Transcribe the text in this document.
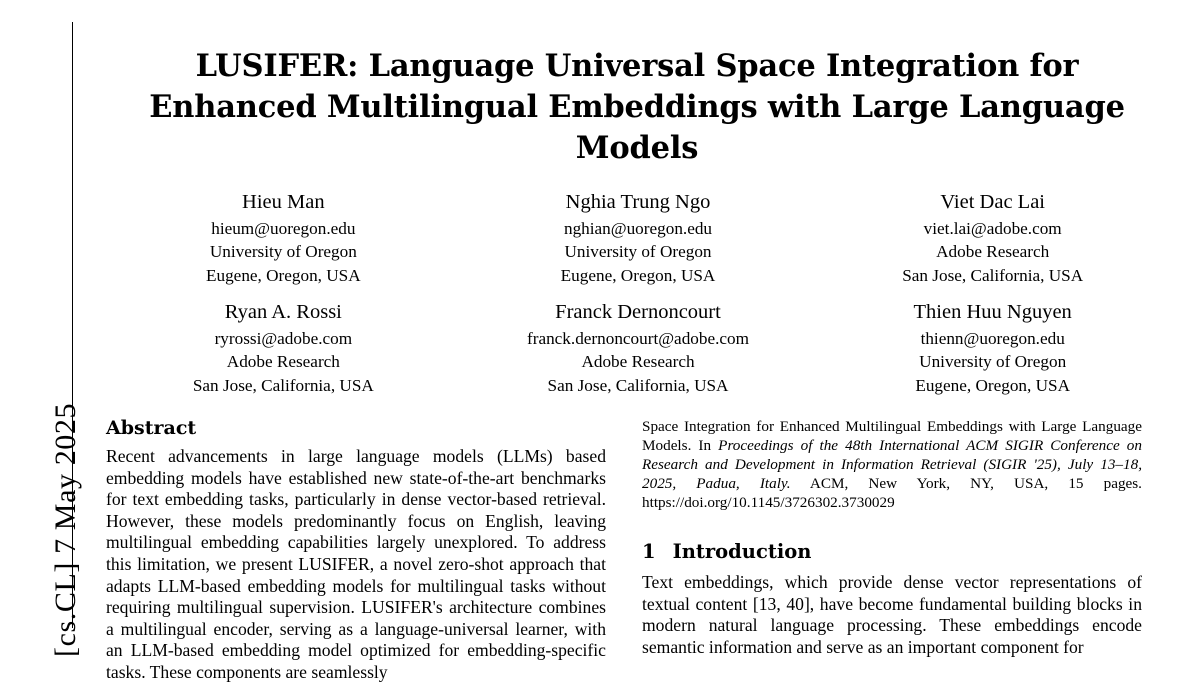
[cs.CL] 7 May 2025
LUSIFER: Language Universal Space Integration for Enhanced Multilingual Embeddings with Large Language Models
Hieu Man
hieum@uoregon.edu
University of Oregon
Eugene, Oregon, USA
Nghia Trung Ngo
nghian@uoregon.edu
University of Oregon
Eugene, Oregon, USA
Viet Dac Lai
viet.lai@adobe.com
Adobe Research
San Jose, California, USA
Ryan A. Rossi
ryrossi@adobe.com
Adobe Research
San Jose, California, USA
Franck Dernoncourt
franck.dernoncourt@adobe.com
Adobe Research
San Jose, California, USA
Thien Huu Nguyen
thienn@uoregon.edu
University of Oregon
Eugene, Oregon, USA
Abstract
Recent advancements in large language models (LLMs) based embedding models have established new state-of-the-art benchmarks for text embedding tasks, particularly in dense vector-based retrieval. However, these models predominantly focus on English, leaving multilingual embedding capabilities largely unexplored. To address this limitation, we present LUSIFER, a novel zero-shot approach that adapts LLM-based embedding models for multilingual tasks without requiring multilingual supervision. LUSIFER's architecture combines a multilingual encoder, serving as a language-universal learner, with an LLM-based embedding model optimized for embedding-specific tasks. These components are seamlessly
Space Integration for Enhanced Multilingual Embeddings with Large Language Models. In Proceedings of the 48th International ACM SIGIR Conference on Research and Development in Information Retrieval (SIGIR '25), July 13–18, 2025, Padua, Italy. ACM, New York, NY, USA, 15 pages. https://doi.org/10.1145/3726302.3730029
1 Introduction
Text embeddings, which provide dense vector representations of textual content [13, 40], have become fundamental building blocks in modern natural language processing. These embeddings encode semantic information and serve as an important component for
